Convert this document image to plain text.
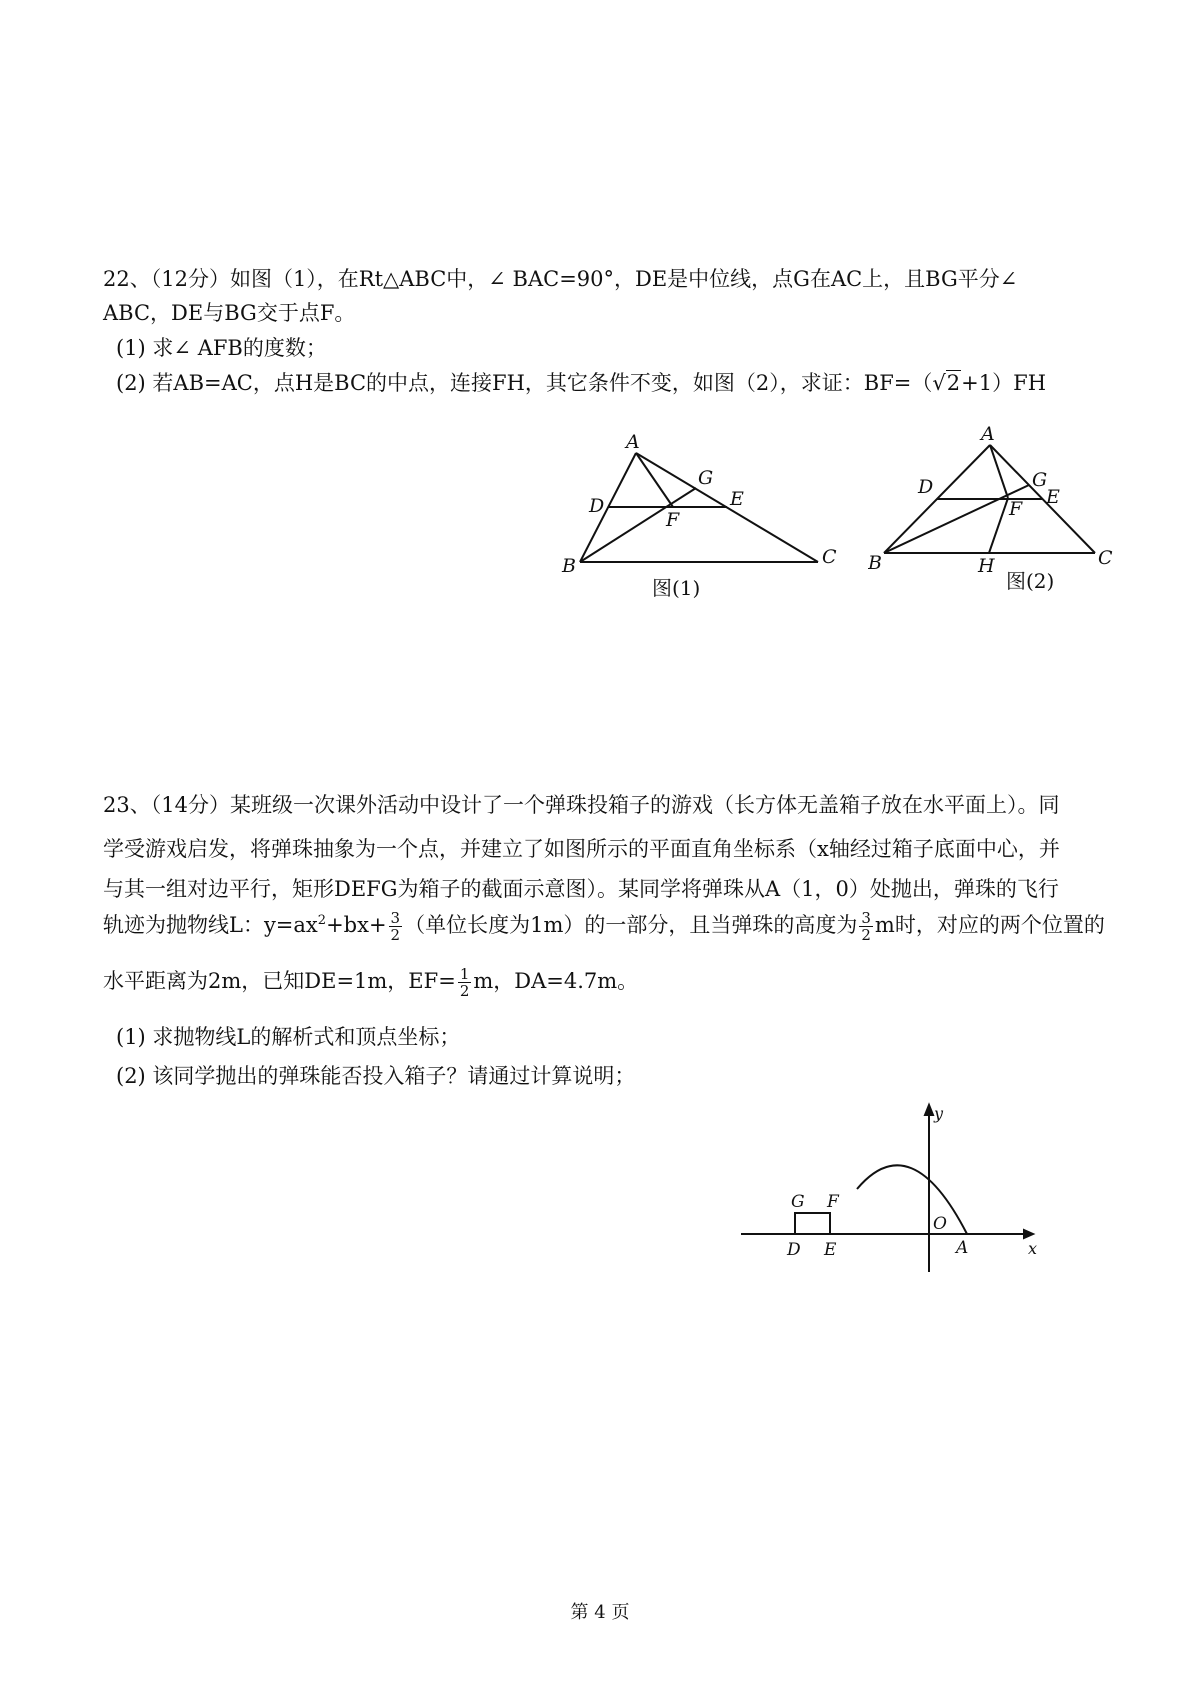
22、（12分）如图（1），在Rt△ABC中，∠ BAC=90°，DE是中位线，点G在AC上，且BG平分∠
ABC，DE与BG交于点F。
(1) 求∠ AFB的度数；
(2) 若AB=AC，点H是BC的中点，连接FH，其它条件不变，如图（2），求证：BF=（√2+1）FH
A
B	C
D	E
F
G
图(1)
A
B	C
D	E
F
G
H
图(2)
23、（14分）某班级一次课外活动中设计了一个弹珠投箱子的游戏（长方体无盖箱子放在水平面上）。同
学受游戏启发，将弹珠抽象为一个点，并建立了如图所示的平面直角坐标系（x轴经过箱子底面中心，并
与其一组对边平行，矩形DEFG为箱子的截面示意图）。某同学将弹珠从A（1，0）处抛出，弹珠的飞行
轨迹为抛物线L：$y=ax^2+bx+ \frac{3}{2}$ （单位长度为1m）的一部分，且当弹珠的高度为 $\frac{3}{2}$ m时，对应的两个位置的
水平距离为2m，已知DE=1m，$EF= \frac{1}{2}$ m，DA=4.7m。
(1) 求抛物线L的解析式和顶点坐标；
(2) 该同学抛出的弹珠能否投入箱子？请通过计算说明；
y
x
O
A
D E
F
G
第 4 页
